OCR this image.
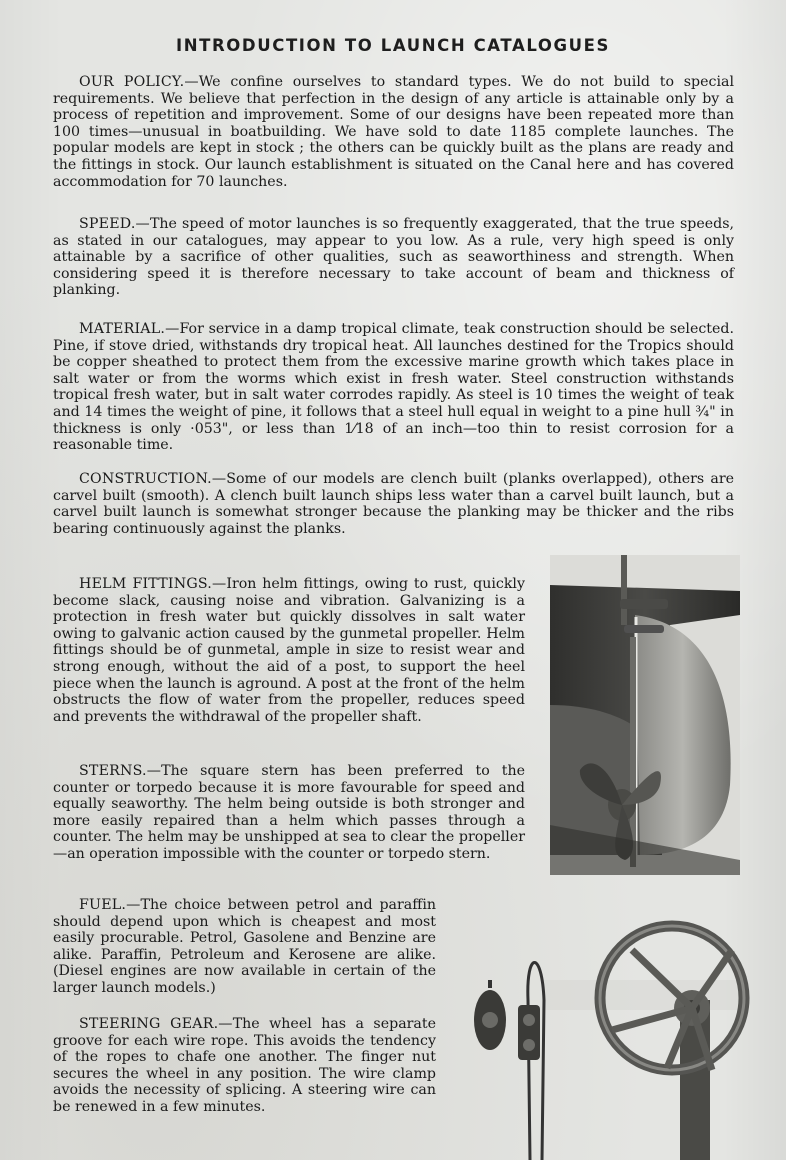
INTRODUCTION TO LAUNCH CATALOGUES

OUR POLICY.—We confine ourselves to standard types. We do not build to special requirements. We believe that perfection in the design of any article is attainable only by a process of repetition and improvement. Some of our designs have been repeated more than 100 times—unusual in boatbuilding. We have sold to date 1185 complete launches. The popular models are kept in stock ; the others can be quickly built as the plans are ready and the fittings in stock. Our launch establishment is situated on the Canal here and has covered accommodation for 70 launches.

SPEED.—The speed of motor launches is so frequently exaggerated, that the true speeds, as stated in our catalogues, may appear to you low. As a rule, very high speed is only attainable by a sacrifice of other qualities, such as seaworthiness and strength. When considering speed it is therefore necessary to take account of beam and thickness of planking.

MATERIAL.—For service in a damp tropical climate, teak construction should be selected. Pine, if stove dried, withstands dry tropical heat. All launches destined for the Tropics should be copper sheathed to protect them from the excessive marine growth which takes place in salt water or from the worms which exist in fresh water. Steel construction withstands tropical fresh water, but in salt water corrodes rapidly. As steel is 10 times the weight of teak and 14 times the weight of pine, it follows that a steel hull equal in weight to a pine hull ¾" in thickness is only ·053", or less than 1⁄18 of an inch—too thin to resist corrosion for a reasonable time.

CONSTRUCTION.—Some of our models are clench built (planks overlapped), others are carvel built (smooth). A clench built launch ships less water than a carvel built launch, but a carvel built launch is somewhat stronger because the planking may be thicker and the ribs bearing continuously against the planks.

HELM FITTINGS.—Iron helm fittings, owing to rust, quickly become slack, causing noise and vibration. Galvanizing is a protection in fresh water but quickly dissolves in salt water owing to galvanic action caused by the gunmetal propeller. Helm fittings should be of gunmetal, ample in size to resist wear and strong enough, without the aid of a post, to support the heel piece when the launch is aground. A post at the front of the helm obstructs the flow of water from the propeller, reduces speed and prevents the withdrawal of the propeller shaft.

STERNS.—The square stern has been preferred to the counter or torpedo because it is more favourable for speed and equally seaworthy. The helm being outside is both stronger and more easily repaired than a helm which passes through a counter. The helm may be unshipped at sea to clear the propeller—an operation impossible with the counter or torpedo stern.

FUEL.—The choice between petrol and paraffin should depend upon which is cheapest and most easily procurable. Petrol, Gasolene and Benzine are alike. Paraffin, Petroleum and Kerosene are alike. (Diesel engines are now available in certain of the larger launch models.)

STEERING GEAR.—The wheel has a separate groove for each wire rope. This avoids the tendency of the ropes to chafe one another. The finger nut secures the wheel in any position. The wire clamp avoids the necessity of splicing. A steering wire can be renewed in a few minutes.
